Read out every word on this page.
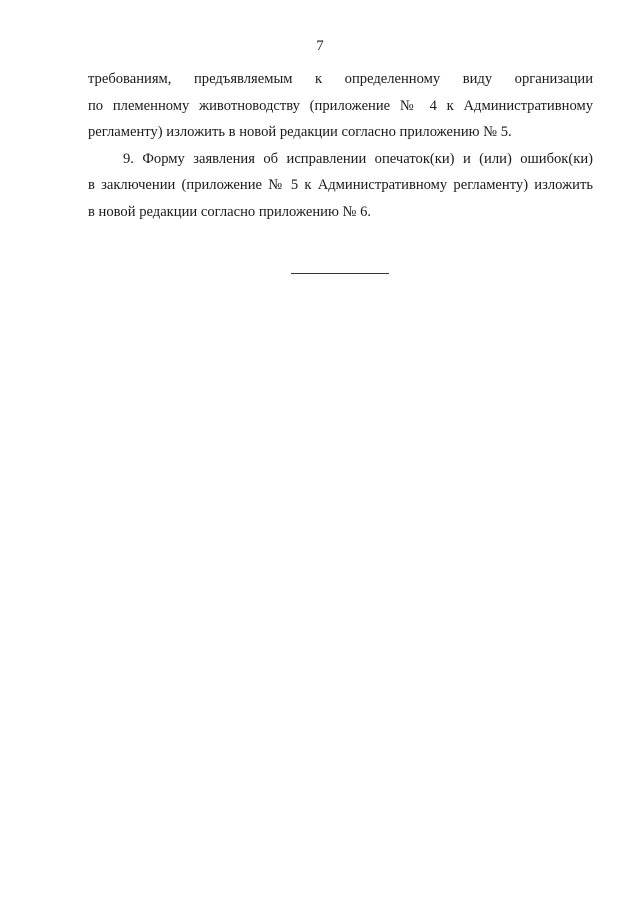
7

требованиям, предъявляемым к определенному виду организации
по племенному животноводству (приложение № 4 к Административному
регламенту) изложить в новой редакции согласно приложению № 5.

9. Форму заявления об исправлении опечаток(ки) и (или) ошибок(ки)
в заключении (приложение № 5 к Административному регламенту) изложить
в новой редакции согласно приложению № 6.
